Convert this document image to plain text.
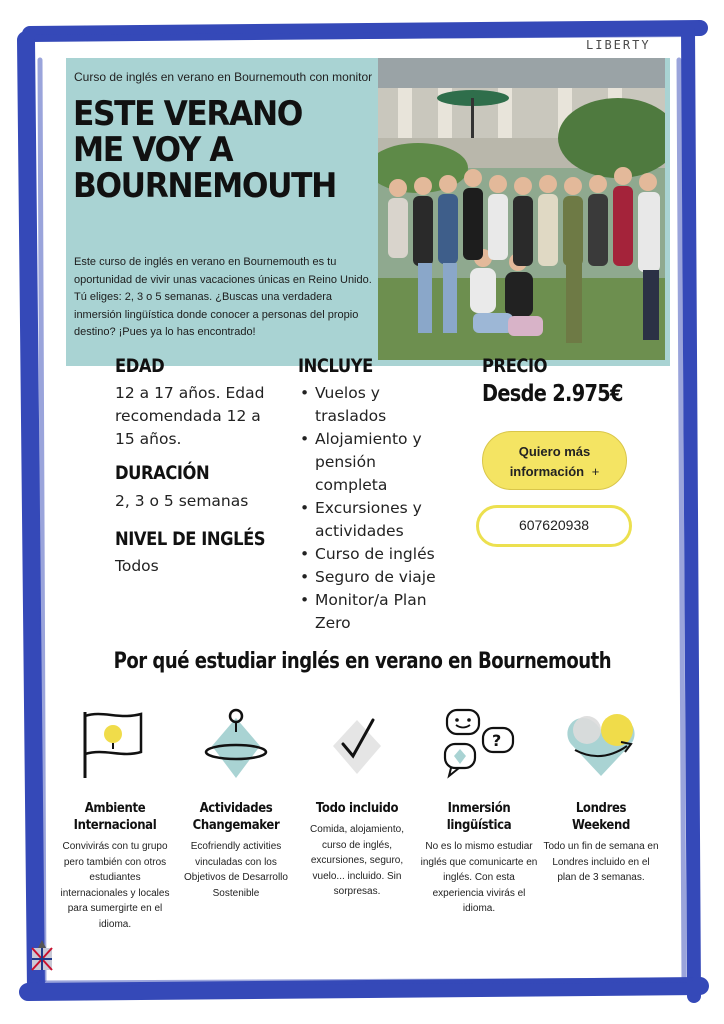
LIBERTY
Curso de inglés en verano en Bournemouth con monitor
ESTE VERANO ME VOY A BOURNEMOUTH
Este curso de inglés en verano en Bournemouth es tu oportunidad de vivir unas vacaciones únicas en Reino Unido. Tú eliges: 2, 3 o 5 semanas. ¿Buscas una verdadera inmersión lingüística donde conocer a personas del propio destino? ¡Pues ya lo has encontrado!
EDAD
12 a 17 años. Edad recomendada 12 a 15 años.
DURACIÓN
2, 3 o 5 semanas
NIVEL DE INGLÉS
Todos
INCLUYE
• Vuelos y traslados
• Alojamiento y pensión completa
• Excursiones y actividades
• Curso de inglés
• Seguro de viaje
• Monitor/a Plan Zero
PRECIO
Desde 2.975€
Quiero más información +
607620938
Por qué estudiar inglés en verano en Bournemouth
Ambiente Internacional
Convivirás con tu grupo pero también con otros estudiantes internacionales y locales para sumergirte en el idioma.
Actividades Changemaker
Ecofriendly activities vinculadas con los Objetivos de Desarrollo Sostenible
Todo incluido
Comida, alojamiento, curso de inglés, excursiones, seguro, vuelo... incluido. Sin sorpresas.
?
Inmersión lingüística
No es lo mismo estudiar inglés que comunicarte en inglés. Con esta experiencia vivirás el idioma.
Londres Weekend
Todo un fin de semana en Londres incluido en el plan de 3 semanas.
